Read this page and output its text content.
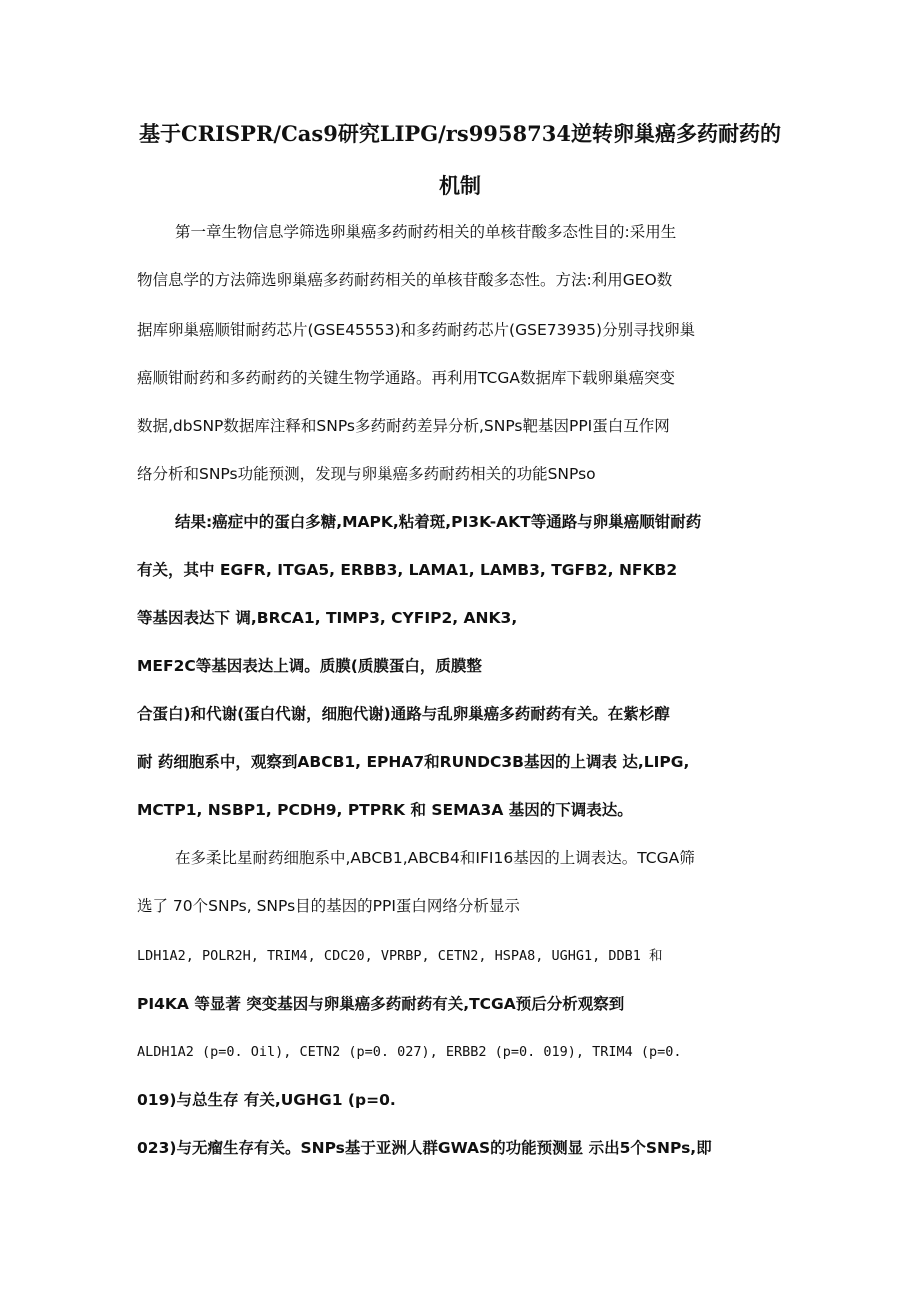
基于CRISPR/Cas9研究LIPG/rs9958734逆转卵巢癌多药耐药的
机制
第一章生物信息学筛选卵巢癌多药耐药相关的单核苷酸多态性目的:采用生
物信息学的方法筛选卵巢癌多药耐药相关的单核苷酸多态性。方法:利用GEO数
据库卵巢癌顺钳耐药芯片(GSE45553)和多药耐药芯片(GSE73935)分别寻找卵巢
癌顺钳耐药和多药耐药的关键生物学通路。再利用TCGA数据库下载卵巢癌突变
数据,dbSNP数据库注释和SNPs多药耐药差异分析,SNPs靶基因PPI蛋白互作网
络分析和SNPs功能预测，发现与卵巢癌多药耐药相关的功能SNPso
结果:癌症中的蛋白多糖,MAPK,粘着斑,PI3K-AKT等通路与卵巢癌顺钳耐药
有关，其中 EGFR, ITGA5, ERBB3, LAMA1, LAMB3, TGFB2, NFKB2
等基因表达下 调,BRCA1, TIMP3, CYFIP2, ANK3,
MEF2C等基因表达上调。质膜(质膜蛋白，质膜整
合蛋白)和代谢(蛋白代谢，细胞代谢)通路与乱卵巢癌多药耐药有关。在紫杉醇
耐 药细胞系中，观察到ABCB1, EPHA7和RUNDC3B基因的上调表 达,LIPG,
MCTP1, NSBP1, PCDH9, PTPRK 和 SEMA3A 基因的下调表达。
在多柔比星耐药细胞系中,ABCB1,ABCB4和IFI16基因的上调表达。TCGA筛
选了 70个SNPs, SNPs目的基因的PPI蛋白网络分析显示
LDH1A2, POLR2H, TRIM4, CDC20, VPRBP, CETN2, HSPA8, UGHG1, DDB1 和
PI4KA 等显著 突变基因与卵巢癌多药耐药有关,TCGA预后分析观察到
ALDH1A2 (p=0. Oil), CETN2 (p=0. 027), ERBB2 (p=0. 019), TRIM4 (p=0.
019)与总生存 有关,UGHG1 (p=0.
023)与无瘤生存有关。SNPs基于亚洲人群GWAS的功能预测显 示出5个SNPs,即
